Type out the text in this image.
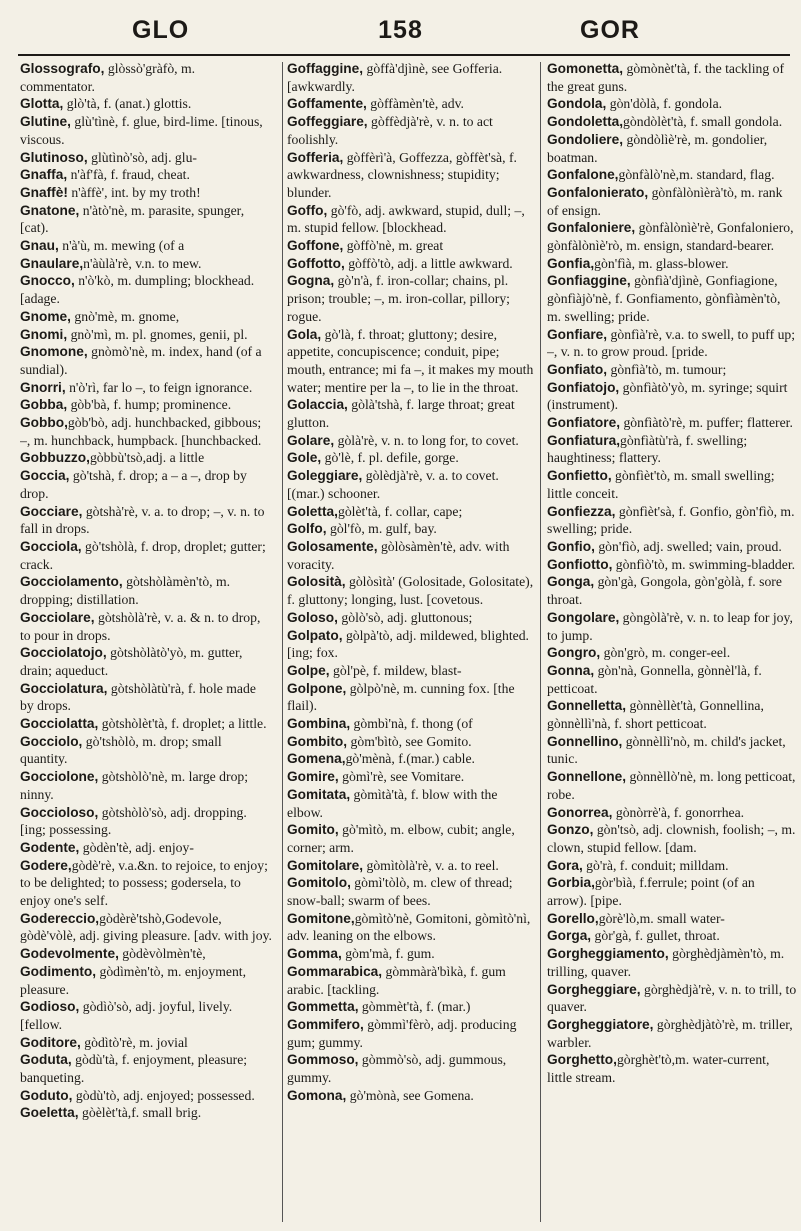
GLO	158	GOR

Glossografo, glòssò'gràfò, m. commentator.

Glotta, glò'tà, f. (anat.) glottis.

Glutine, glù'tìnè, f. glue, bird-lime. [tinous, viscous.

Glutinoso, glùtìnò'sò, adj. glu-

Gnaffa, n'àf'fà, f. fraud, cheat.

Gnaffè! n'àffè', int. by my troth!

Gnatone, n'àtò'nè, m. parasite, spunger, [cat).

Gnau, n'à'ù, m. mewing (of a

Gnaulare,n'àùlà'rè, v.n. to mew.

Gnocco, n'ò'kò, m. dumpling; blockhead. [adage.

Gnome, gnò'mè, m. gnome,

Gnomi, gnò'mì, m. pl. gnomes, genii, pl.

Gnomone, gnòmò'nè, m. index, hand (of a sundial).

Gnorri, n'ò'rì, far lo –, to feign ignorance.

Gobba, gòb'bà, f. hump; prominence.

Gobbo,gòb'bò, adj. hunchbacked, gibbous; –, m. hunchback, humpback. [hunchbacked.

Gobbuzzo,gòbbù'tsò,adj. a little

Goccia, gò'tshà, f. drop; a – a –, drop by drop.

Gocciare, gòtshà'rè, v. a. to drop; –, v. n. to fall in drops.

Gocciola, gò'tshòlà, f. drop, droplet; gutter; crack.

Gocciolamento, gòtshòlàmèn'tò, m. dropping; distillation.

Gocciolare, gòtshòlà'rè, v. a. & n. to drop, to pour in drops.

Gocciolatojo, gòtshòlàtò'yò, m. gutter, drain; aqueduct.

Gocciolatura, gòtshòlàtù'rà, f. hole made by drops.

Gocciolatta, gòtshòlèt'tà, f. droplet; a little.

Gocciolo, gò'tshòlò, m. drop; small quantity.

Gocciolone, gòtshòlò'nè, m. large drop; ninny.

Goccioloso, gòtshòlò'sò, adj. dropping. [ing; possessing.

Godente, gòdèn'tè, adj. enjoy-

Godere,gòdè'rè, v.a.&n. to rejoice, to enjoy; to be delighted; to possess; godersela, to enjoy one's self.

Godereccio,gòdèrè'tshò,Godevole, gòdè'vòlè, adj. giving pleasure. [adv. with joy.

Godevolmente, gòdèvòlmèn'tè,

Godimento, gòdìmèn'tò, m. enjoyment, pleasure.

Godioso, gòdìò'sò, adj. joyful, lively. [fellow.

Goditore, gòdìtò'rè, m. jovial

Goduta, gòdù'tà, f. enjoyment, pleasure; banqueting.

Goduto, gòdù'tò, adj. enjoyed; possessed.

Goeletta, gòèlèt'tà,f. small brig.

Goffaggine, gòffà'djìnè, see Gofferia. [awkwardly.

Goffamente, gòffàmèn'tè, adv.

Goffeggiare, gòffèdjà'rè, v. n. to act foolishly.

Gofferia, gòffèrì'à, Goffezza, gòffèt'sà, f. awkwardness, clownishness; stupidity; blunder.

Goffo, gò'fò, adj. awkward, stupid, dull; –, m. stupid fellow. [blockhead.

Goffone, gòffò'nè, m. great

Goffotto, gòffò'tò, adj. a little awkward.

Gogna, gò'n'à, f. iron-collar; chains, pl. prison; trouble; –, m. iron-collar, pillory; rogue.

Gola, gò'là, f. throat; gluttony; desire, appetite, concupiscence; conduit, pipe; mouth, entrance; mi fa –, it makes my mouth water; mentire per la –, to lie in the throat.

Golaccia, gòlà'tshà, f. large throat; great glutton.

Golare, gòlà'rè, v. n. to long for, to covet.

Gole, gò'lè, f. pl. defile, gorge.

Goleggiare, gòlèdjà'rè, v. a. to covet. [(mar.) schooner.

Goletta,gòlèt'tà, f. collar, cape;

Golfo, gòl'fò, m. gulf, bay.

Golosamente, gòlòsàmèn'tè, adv. with voracity.

Golosità, gòlòsìtà' (Golositade, Golositate), f. gluttony; longing, lust. [covetous.

Goloso, gòlò'sò, adj. gluttonous;

Golpato, gòlpà'tò, adj. mildewed, blighted. [ing; fox.

Golpe, gòl'pè, f. mildew, blast-

Golpone, gòlpò'nè, m. cunning fox. [the flail).

Gombina, gòmbì'nà, f. thong (of

Gombito, gòm'bìtò, see Gomito.

Gomena,gò'mènà, f.(mar.) cable.

Gomire, gòmì'rè, see Vomitare.

Gomitata, gòmìtà'tà, f. blow with the elbow.

Gomito, gò'mìtò, m. elbow, cubit; angle, corner; arm.

Gomitolare, gòmìtòlà'rè, v. a. to reel.

Gomitolo, gòmì'tòlò, m. clew of thread; snow-ball; swarm of bees.

Gomitone,gòmìtò'nè, Gomitoni, gòmìtò'nì, adv. leaning on the elbows.

Gomma, gòm'mà, f. gum.

Gommarabica, gòmmàrà'bìkà, f. gum arabic. [tackling.

Gommetta, gòmmèt'tà, f. (mar.)

Gommifero, gòmmì'fèrò, adj. producing gum; gummy.

Gommoso, gòmmò'sò, adj. gummous, gummy.

Gomona, gò'mònà, see Gomena.

Gomonetta, gòmònèt'tà, f. the tackling of the great guns.

Gondola, gòn'dòlà, f. gondola.

Gondoletta,gòndòlèt'tà, f. small gondola.

Gondoliere, gòndòlìè'rè, m. gondolier, boatman.

Gonfalone,gònfàlò'nè,m. standard, flag.

Gonfalonierato, gònfàlònìèrà'tò, m. rank of ensign.

Gonfaloniere, gònfàlònìè'rè, Gonfaloniero, gònfàlònìè'rò, m. ensign, standard-bearer.

Gonfia,gòn'fìà, m. glass-blower.

Gonfiaggine, gònfìà'djìnè, Gonfiagione, gònfìàjò'nè, f. Gonfiamento, gònfìàmèn'tò, m. swelling; pride.

Gonfiare, gònfìà'rè, v.a. to swell, to puff up; –, v. n. to grow proud. [pride.

Gonfiato, gònfìà'tò, m. tumour;

Gonfiatojo, gònfìàtò'yò, m. syringe; squirt (instrument).

Gonfiatore, gònfìàtò'rè, m. puffer; flatterer.

Gonfiatura,gònfìàtù'rà, f. swelling; haughtiness; flattery.

Gonfietto, gònfìèt'tò, m. small swelling; little conceit.

Gonfiezza, gònfìèt'sà, f. Gonfio, gòn'fìò, m. swelling; pride.

Gonfio, gòn'fìò, adj. swelled; vain, proud.

Gonfiotto, gònfìò'tò, m. swimming-bladder.

Gonga, gòn'gà, Gongola, gòn'gòlà, f. sore throat.

Gongolare, gòngòlà'rè, v. n. to leap for joy, to jump.

Gongro, gòn'grò, m. conger-eel.

Gonna, gòn'nà, Gonnella, gònnèl'là, f. petticoat.

Gonnelletta, gònnèllèt'tà, Gonnellina, gònnèllì'nà, f. short petticoat.

Gonnellino, gònnèllì'nò, m. child's jacket, tunic.

Gonnellone, gònnèllò'nè, m. long petticoat, robe.

Gonorrea, gònòrrè'à, f. gonorrhea.

Gonzo, gòn'tsò, adj. clownish, foolish; –, m. clown, stupid fellow. [dam.

Gora, gò'rà, f. conduit; milldam.

Gorbia,gòr'bìà, f.ferrule; point (of an arrow). [pipe.

Gorello,gòrè'lò,m. small water-

Gorga, gòr'gà, f. gullet, throat.

Gorgheggiamento, gòrghèdjàmèn'tò, m. trilling, quaver.

Gorgheggiare, gòrghèdjà'rè, v. n. to trill, to quaver.

Gorgheggiatore, gòrghèdjàtò'rè, m. triller, warbler.

Gorghetto,gòrghèt'tò,m. water-current, little stream.
